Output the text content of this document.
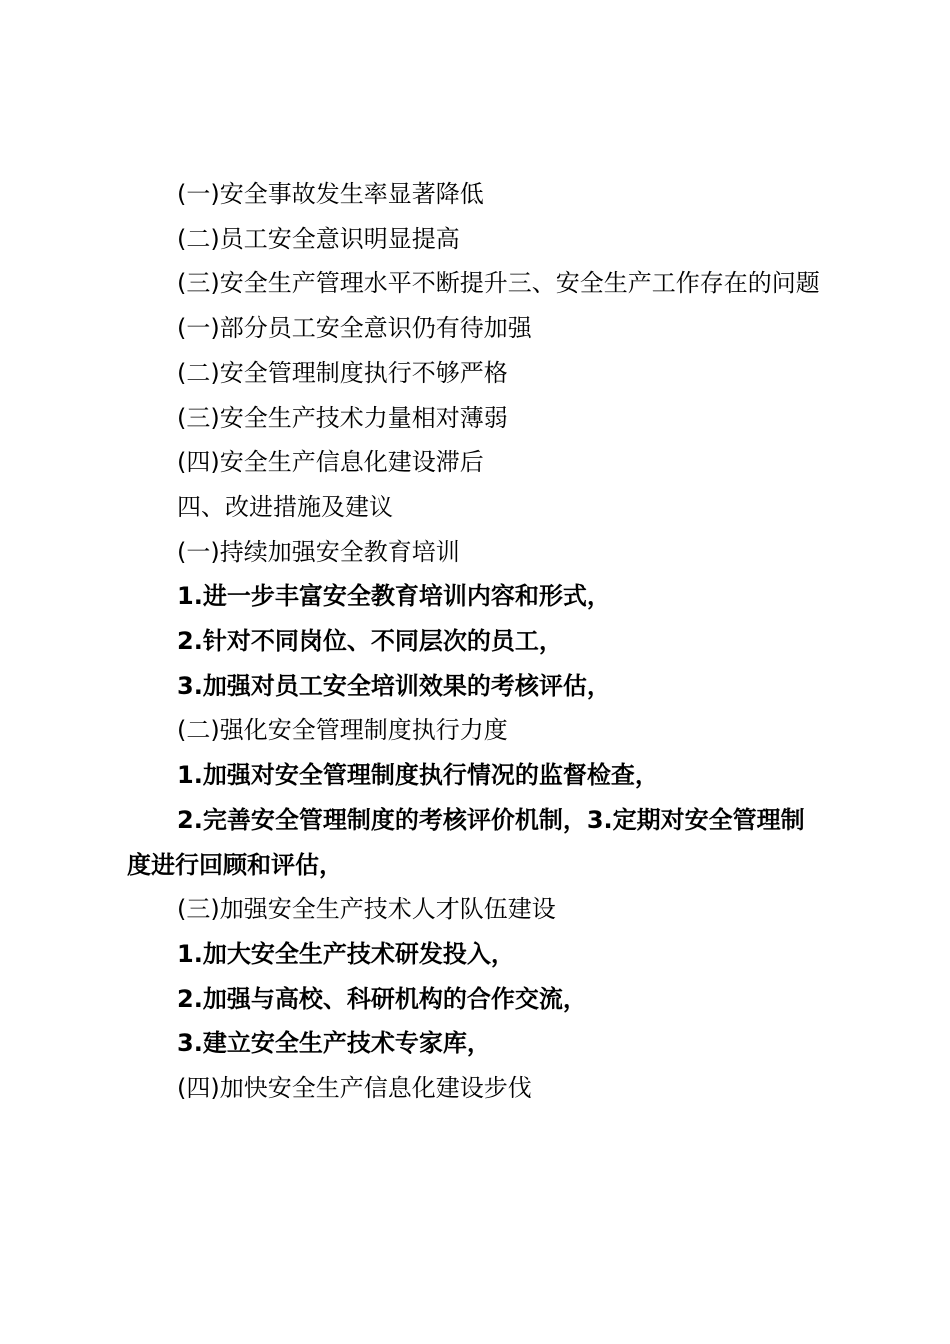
(一)安全事故发生率显著降低

(二)员工安全意识明显提高

(三)安全生产管理水平不断提升三、安全生产工作存在的问题

(一)部分员工安全意识仍有待加强

(二)安全管理制度执行不够严格

(三)安全生产技术力量相对薄弱

(四)安全生产信息化建设滞后

四、改进措施及建议

(一)持续加强安全教育培训

1.进一步丰富安全教育培训内容和形式，

2.针对不同岗位、不同层次的员工，

3.加强对员工安全培训效果的考核评估，

(二)强化安全管理制度执行力度

1.加强对安全管理制度执行情况的监督检查，

2.完善安全管理制度的考核评价机制，3.定期对安全管理制度进行回顾和评估，

(三)加强安全生产技术人才队伍建设

1.加大安全生产技术研发投入，

2.加强与高校、科研机构的合作交流，

3.建立安全生产技术专家库，

(四)加快安全生产信息化建设步伐
